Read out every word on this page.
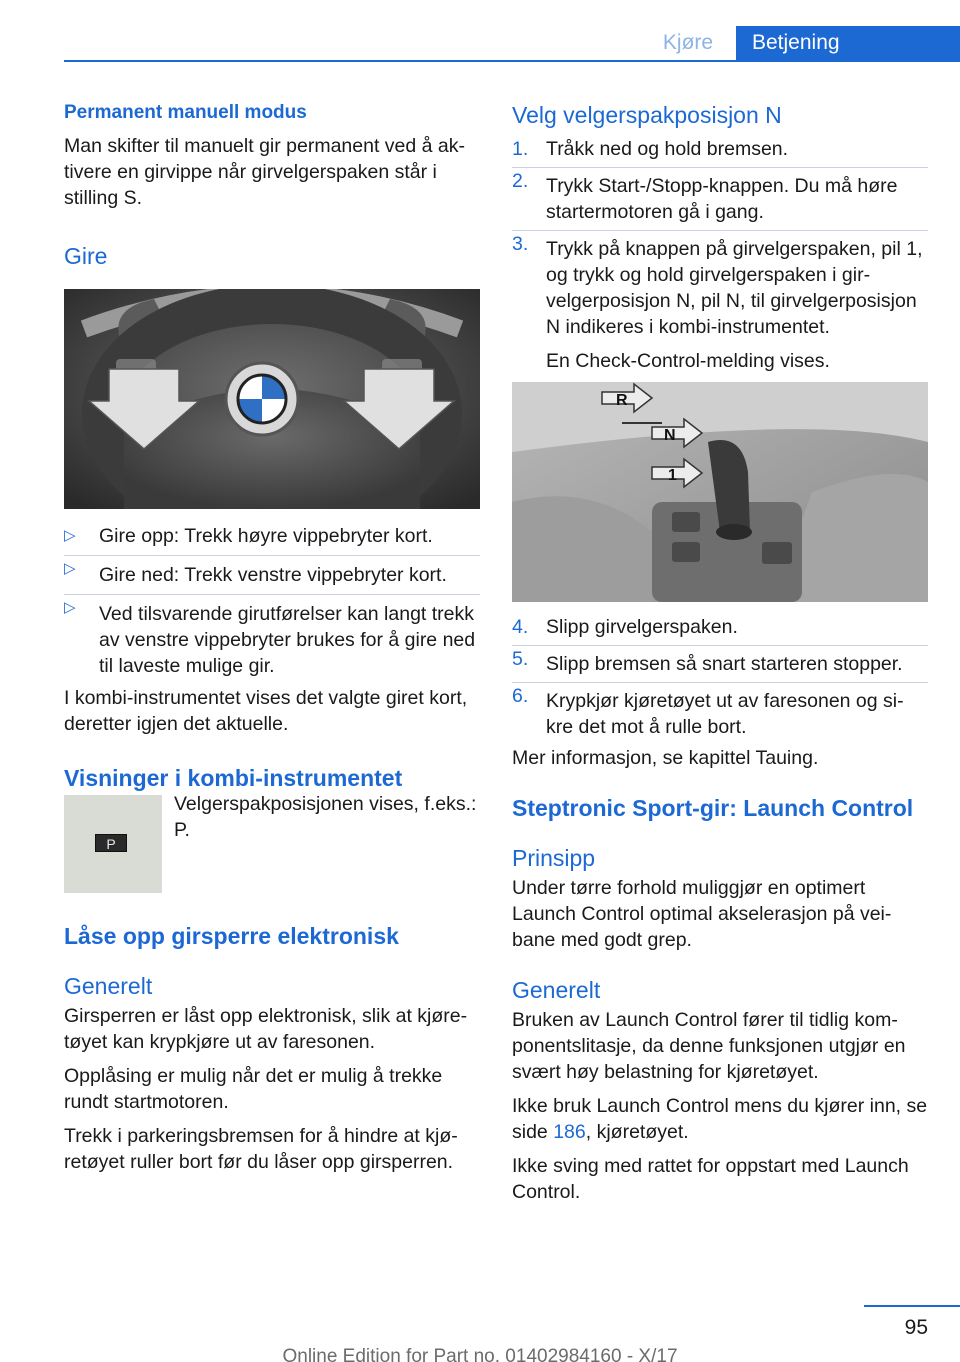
Kjøre	Betjening
Permanent manuell modus
Man skifter til manuelt gir permanent ved å ak‐ tivere en girvippe når girvelgerspaken står i stilling S.
Gire
▷ Gire opp: Trekk høyre vippebryter kort.
▷ Gire ned: Trekk venstre vippebryter kort.
▷ Ved tilsvarende girutførelser kan langt trekk av venstre vippebryter brukes for å gire ned til laveste mulige gir.
I kombi-instrumentet vises det valgte giret kort, deretter igjen det aktuelle.
Visninger i kombi‐instrumentet
P
Velgerspakposisjonen vises, f.eks.: P.
Låse opp girsperre elektronisk
Generelt
Girsperren er låst opp elektronisk, slik at kjøre‐ tøyet kan krypkjøre ut av faresonen.
Opplåsing er mulig når det er mulig å trekke rundt startmotoren.
Trekk i parkeringsbremsen for å hindre at kjø‐ retøyet ruller bort før du låser opp girsperren.
Velg velgerspakposisjon N
1. Tråkk ned og hold bremsen.
2. Trykk Start-/Stopp-knappen. Du må høre startermotoren gå i gang.
3. Trykk på knappen på girvelgerspaken, pil 1, og trykk og hold girvelgerspaken i gir‐ velgerposisjon N, pil N, til girvelgerposisjon N indikeres i kombi-instrumentet.
En Check-Control-melding vises.
R
N
1
4. Slipp girvelgerspaken.
5. Slipp bremsen så snart starteren stopper.
6. Krypkjør kjøretøyet ut av faresonen og si‐ kre det mot å rulle bort.
Mer informasjon, se kapittel Tauing.
Steptronic Sport-gir: Launch Control
Prinsipp
Under tørre forhold muliggjør en optimert Launch Control optimal akselerasjon på vei‐ bane med godt grep.
Generelt
Bruken av Launch Control fører til tidlig kom‐ ponentslitasje, da denne funksjonen utgjør en svært høy belastning for kjøretøyet.
Ikke bruk Launch Control mens du kjører inn, se side 186, kjøretøyet.
Ikke sving med rattet for oppstart med Launch Control.
95
Online Edition for Part no. 01402984160 - X/17
